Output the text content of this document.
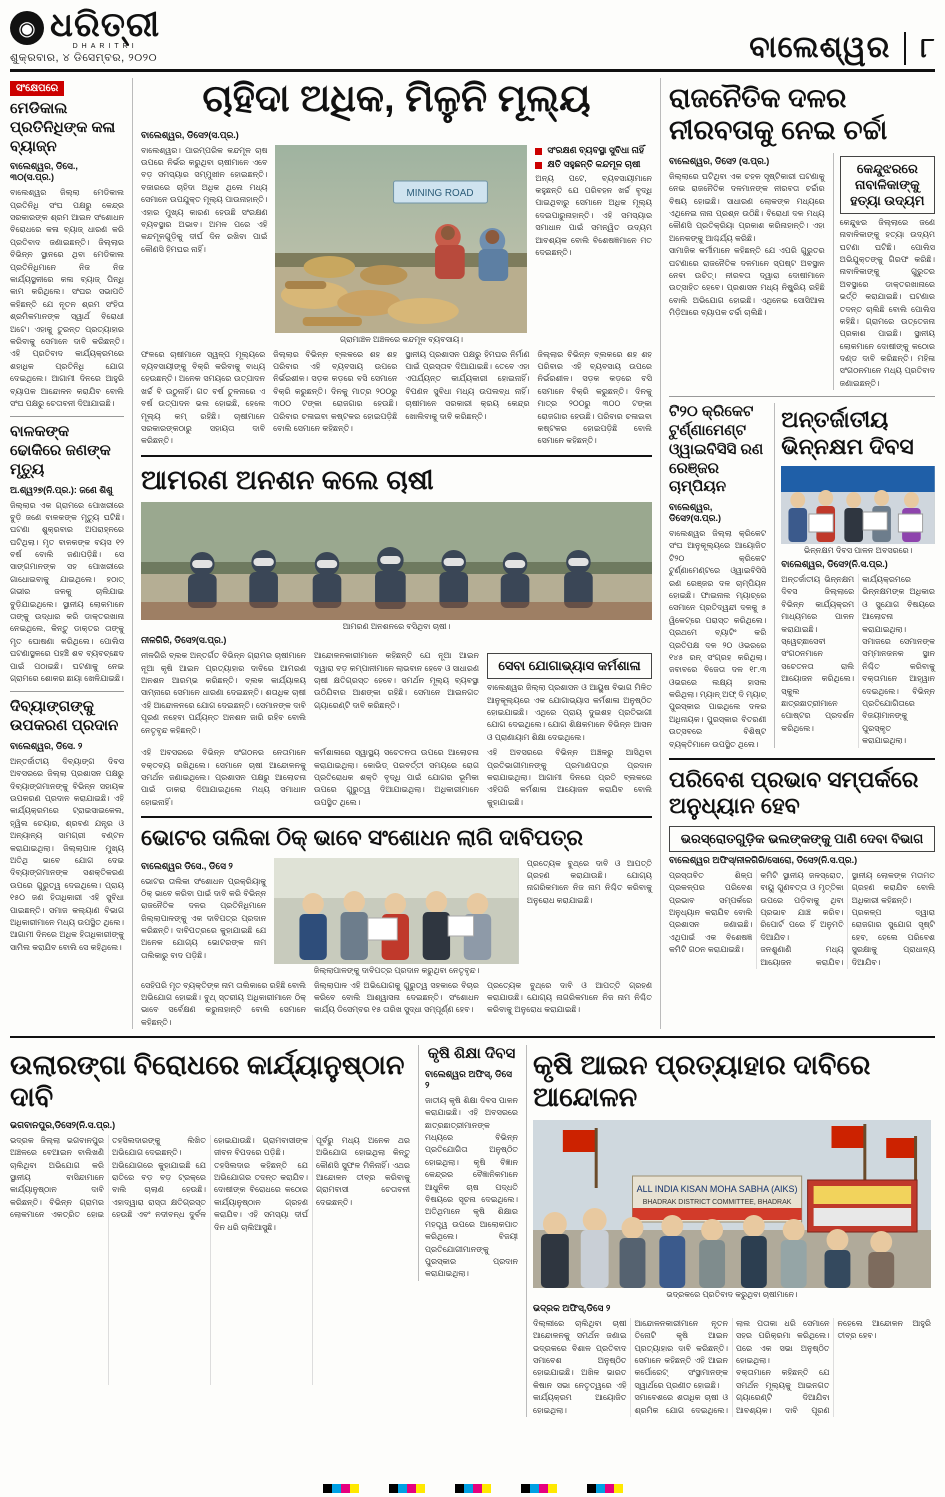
◉ ଧରିତ୍ରୀ
DHARITRI
ଶୁକ୍ରବାର, ୪ ଡିସେମ୍ବର, ୨୦୨୦	ବାଲେଶ୍ୱର	୮
ସଂକ୍ଷେପରେ
ମେଡିକାଲ ପ୍ରତିନିଧିଙ୍କ କଳା ବ୍ୟାଜ୍‌ନ
ବାଲେଶ୍ୱର, ଡିସେ., ୩୦(ସ.ପ୍ର.)
ବାଲେଶ୍ୱର ଜିଲ୍ଲା ମେଡିକାଲ ପ୍ରତିନିଧି ସଂଘ ପକ୍ଷରୁ କେନ୍ଦ୍ର ସରକାରଙ୍କ ଶ୍ରମ ଆଇନ ସଂଶୋଧନ ବିରୋଧରେ କଳା ବ୍ୟାଜ୍ ଧାରଣ କରି ପ୍ରତିବାଦ ଜଣାଇଛନ୍ତି। ଜିଲ୍ଲାର ବିଭିନ୍ନ ସ୍ଥାନରେ ଥିବା ମେଡିକାଲ ପ୍ରତିନିଧିମାନେ ନିଜ ନିଜ କାର୍ଯ୍ୟସ୍ଥଳୀରେ କଳା ବ୍ୟାଜ୍ ପିନ୍ଧି କାମ କରିଥିଲେ। ସଂଘର ସଭାପତି କହିଛନ୍ତି ଯେ ନୂତନ ଶ୍ରମ ସଂହିତା ଶ୍ରମିକମାନଙ୍କ ସ୍ୱାର୍ଥ ବିରୋଧୀ ଅଟେ। ଏହାକୁ ତୁରନ୍ତ ପ୍ରତ୍ୟାହାର କରିବାକୁ ସେମାନେ ଦାବି କରିଛନ୍ତି। ଏହି ପ୍ରତିବାଦ କାର୍ଯ୍ୟକ୍ରମରେ ଶହାଧିକ ପ୍ରତିନିଧି ଯୋଗ ଦେଇଥିଲେ। ଆଗାମୀ ଦିନରେ ଆହୁରି ବ୍ୟାପକ ଆନ୍ଦୋଳନ କରାଯିବ ବୋଲି ସଂଘ ପକ୍ଷରୁ ଚେତାବନୀ ଦିଆଯାଇଛି।
ବାଳକଙ୍କ ଢୋକିରେ ଜଣଙ୍କ ମୃତ୍ୟୁ
ଅ.ଶ୍ୱ୨୭(ନି.ପ୍ର.): ଜଣେ ଶିଶୁ
ଜିଲ୍ଲାର ଏକ ଗ୍ରାମରେ ପୋଖରୀରେ ବୁଡ଼ି ଜଣେ ବାଳକଙ୍କ ମୃତ୍ୟୁ ଘଟିଛି। ଘଟଣା ଶୁକ୍ରବାର ଅପରାହ୍ନରେ ଘଟିଥିଲା। ମୃତ ବାଳକଙ୍କ ବୟସ ୧୨ ବର୍ଷ ବୋଲି ଜଣାପଡ଼ିଛି। ସେ ସାଙ୍ଗମାନଙ୍କ ସହ ପୋଖରୀରେ ଗାଧୋଇବାକୁ ଯାଇଥିଲେ। ହଠାତ୍ ଗଭୀର ଜଳକୁ ଚାଲିଯାଇ ବୁଡ଼ିଯାଇଥିଲେ। ସ୍ଥାନୀୟ ଲୋକମାନେ ତାଙ୍କୁ ଉଦ୍ଧାର କରି ଡାକ୍ତରଖାନା ନେଇଥିଲେ, କିନ୍ତୁ ଡାକ୍ତର ତାଙ୍କୁ ମୃତ ଘୋଷଣା କରିଥିଲେ। ପୋଲିସ ଘଟଣାସ୍ଥଳରେ ପହଞ୍ଚି ଶବ ବ୍ୟବଚ୍ଛେଦ ପାଇଁ ପଠାଇଛି। ଘଟଣାକୁ ନେଇ ଗ୍ରାମରେ ଶୋକର ଛାୟା ଖେଳିଯାଇଛି।
ଦିବ୍ୟାଙ୍ଗଙ୍କୁ ଉପକରଣ ପ୍ରଦାନ
ବାଲେଶ୍ୱର, ଡିସେ. ୨
ଅନ୍ତର୍ଜାତୀୟ ଦିବ୍ୟାଙ୍ଗ ଦିବସ ଅବସରରେ ଜିଲ୍ଲା ପ୍ରଶାସନ ପକ୍ଷରୁ ଦିବ୍ୟାଙ୍ଗମାନଙ୍କୁ ବିଭିନ୍ନ ସହାୟକ ଉପକରଣ ପ୍ରଦାନ କରାଯାଇଛି। ଏହି କାର୍ଯ୍ୟକ୍ରମରେ ଟ୍ରାଇସାଇକେଲ, ହ୍ୱିଲ ଚେୟାର, ଶ୍ରବଣ ଯନ୍ତ୍ର ଓ ଅନ୍ୟାନ୍ୟ ସାମଗ୍ରୀ ବଣ୍ଟନ କରାଯାଇଥିଲା। ଜିଲ୍ଲାପାଳ ମୁଖ୍ୟ ଅତିଥି ଭାବେ ଯୋଗ ଦେଇ ଦିବ୍ୟାଙ୍ଗମାନଙ୍କ ସଶକ୍ତିକରଣ ଉପରେ ଗୁରୁତ୍ୱ ଦେଇଥିଲେ। ପ୍ରାୟ ୧୫୦ ଜଣ ହିତାଧିକାରୀ ଏହି ସୁବିଧା ପାଇଛନ୍ତି। ସମାଜ କଲ୍ୟାଣ ବିଭାଗ ଅଧିକାରୀମାନେ ମଧ୍ୟ ଉପସ୍ଥିତ ଥିଲେ। ଆଗାମୀ ଦିନରେ ଅଧିକ ହିତାଧିକାରୀଙ୍କୁ ସାମିଲ କରାଯିବ ବୋଲି ସେ କହିଥିଲେ।
ଚାହିଦା ଅଧିକ, ମିଳୁନି ମୂଲ୍ୟ
ବାଲେଶ୍ୱର, ଡିସେ୨(ସ.ପ୍ର.)
ବାଲେଶ୍ୱର। ପାରମ୍ପରିକ କନ୍ଦମୂଳ ଚାଷ ଉପରେ ନିର୍ଭର କରୁଥିବା ଚାଷୀମାନେ ଏବେ ବଡ଼ ସମସ୍ୟାର ସମ୍ମୁଖୀନ ହୋଇଛନ୍ତି। ବଜାରରେ ଚାହିଦା ଅଧିକ ଥିଲେ ମଧ୍ୟ ସେମାନେ ଉପଯୁକ୍ତ ମୂଲ୍ୟ ପାଉନାହାନ୍ତି। ଏହାର ମୁଖ୍ୟ କାରଣ ହେଉଛି ସଂରକ୍ଷଣ ବ୍ୟବସ୍ଥାର ଅଭାବ। ଅମଳ ପରେ ଏହି କନ୍ଦମୂଳଗୁଡ଼ିକୁ ଦୀର୍ଘ ଦିନ ରଖିବା ପାଇଁ କୌଣସି ହିମଘର ନାହିଁ।
MINING ROAD
ଗ୍ରାମାଞ୍ଚଳ ଅଞ୍ଚଳରେ କନ୍ଦମୂଳ ବ୍ୟବସାୟ।
ସଂରକ୍ଷଣ ବ୍ୟବସ୍ଥା ସୁବିଧା ନାହିଁ
କ୍ଷତି ସହୁଛନ୍ତି କନ୍ଦମୂଳ ଚାଷୀ
ଅନ୍ୟ ପଟେ, ବ୍ୟବସାୟୀମାନେ କହୁଛନ୍ତି ଯେ ପରିବହନ ଖର୍ଚ୍ଚ ବୃଦ୍ଧି ପାଇଥିବାରୁ ସେମାନେ ଅଧିକ ମୂଲ୍ୟ ଦେଇପାରୁନାହାନ୍ତି। ଏହି ସମସ୍ୟାର ସମାଧାନ ପାଇଁ ସମନ୍ୱିତ ଉଦ୍ୟମ ଆବଶ୍ୟକ ବୋଲି ବିଶେଷଜ୍ଞମାନେ ମତ ଦେଇଛନ୍ତି।
ଫଳରେ ଚାଷୀମାନେ ସ୍ୱଳ୍ପ ମୂଲ୍ୟରେ ବ୍ୟବସାୟୀଙ୍କୁ ବିକ୍ରି କରିବାକୁ ବାଧ୍ୟ ହେଉଛନ୍ତି। ଅନେକ ସମୟରେ ଉତ୍ପାଦନ ଖର୍ଚ୍ଚ ବି ଉଠୁନାହିଁ। ଗତ ବର୍ଷ ତୁଳନାରେ ଏ ବର୍ଷ ଉତ୍ପାଦନ ଭଲ ହୋଇଛି, ହେଲେ ମୂଲ୍ୟ କମ୍ ରହିଛି। ଚାଷୀମାନେ ସରକାରଙ୍କଠାରୁ ସହାୟତା ଦାବି କରିଛନ୍ତି।
ଜିଲ୍ଲାର ବିଭିନ୍ନ ବ୍ଲକରେ ଶହ ଶହ ପରିବାର ଏହି ବ୍ୟବସାୟ ଉପରେ ନିର୍ଭରଶୀଳ। ସଡ଼କ କଡ଼ରେ ବସି ସେମାନେ ବିକ୍ରି କରୁଛନ୍ତି। ଦିନକୁ ମାତ୍ର ୨୦୦ରୁ ୩୦୦ ଟଙ୍କା ରୋଜଗାର ହେଉଛି। ପରିବାର ଚଳାଇବା କଷ୍ଟକର ହୋଇପଡ଼ିଛି ବୋଲି ସେମାନେ କହିଛନ୍ତି।
ସ୍ଥାନୀୟ ପ୍ରଶାସନ ପକ୍ଷରୁ ହିମଘର ନିର୍ମାଣ ପାଇଁ ପ୍ରସ୍ତାବ ଦିଆଯାଇଛି। ତେବେ ଏହା ଏପର୍ଯ୍ୟନ୍ତ କାର୍ଯ୍ୟକାରୀ ହୋଇନାହିଁ। ବିପଣନ ସୁବିଧା ମଧ୍ୟ ଉପଲବ୍ଧ ନାହିଁ। ଚାଷୀମାନେ ସରକାରୀ କ୍ରୟ କେନ୍ଦ୍ର ଖୋଲିବାକୁ ଦାବି କରିଛନ୍ତି।
ଜିଲ୍ଲାର ବିଭିନ୍ନ ବ୍ଲକରେ ଶହ ଶହ ପରିବାର ଏହି ବ୍ୟବସାୟ ଉପରେ ନିର୍ଭରଶୀଳ। ସଡ଼କ କଡ଼ରେ ବସି ସେମାନେ ବିକ୍ରି କରୁଛନ୍ତି। ଦିନକୁ ମାତ୍ର ୨୦୦ରୁ ୩୦୦ ଟଙ୍କା ରୋଜଗାର ହେଉଛି। ପରିବାର ଚଳାଇବା କଷ୍ଟକର ହୋଇପଡ଼ିଛି ବୋଲି ସେମାନେ କହିଛନ୍ତି।
ଆମରଣ ଅନଶନ କଲେ ଚାଷୀ
ଆମରଣ ଅନଶନରେ ବସିଥିବା ଚାଷୀ।
ନୀଳଗିରି, ଡିସେ୨(ସ.ପ୍ର.)
ନୀଳଗିରି ବ୍ଲକ ଅନ୍ତର୍ଗତ ବିଭିନ୍ନ ଗ୍ରାମର ଚାଷୀମାନେ ନୂଆ କୃଷି ଆଇନ ପ୍ରତ୍ୟାହାର ଦାବିରେ ଆମରଣ ଅନଶନ ଆରମ୍ଭ କରିଛନ୍ତି। ବ୍ଲକ କାର୍ଯ୍ୟାଳୟ ସାମ୍ନାରେ ସେମାନେ ଧାରଣା ଦେଇଛନ୍ତି। ଶତାଧିକ ଚାଷୀ ଏହି ଆନ୍ଦୋଳନରେ ଯୋଗ ଦେଇଛନ୍ତି। ସେମାନଙ୍କ ଦାବି ପୂରଣ ନହେବା ପର୍ଯ୍ୟନ୍ତ ଅନଶନ ଜାରି ରହିବ ବୋଲି ନେତୃବୃନ୍ଦ କହିଛନ୍ତି।
ଆନ୍ଦୋଳନକାରୀମାନେ କହିଛନ୍ତି ଯେ ନୂଆ ଆଇନ ଦ୍ୱାରା ବଡ଼ କମ୍ପାନୀମାନେ ଲାଭବାନ ହେବେ ଓ ସାଧାରଣ ଚାଷୀ କ୍ଷତିଗ୍ରସ୍ତ ହେବେ। ସମର୍ଥନ ମୂଲ୍ୟ ବ୍ୟବସ୍ଥା ଉଠିଯିବାର ଆଶଙ୍କା ରହିଛି। ସେମାନେ ଆଇନଗତ ଗ୍ୟାରେଣ୍ଟି ଦାବି କରିଛନ୍ତି।
ସେବା ଯୋଗାଭ୍ୟାସ କର୍ମଶାଳା
ବାଲେଶ୍ୱର ଜିଲ୍ଲା ପ୍ରଶାସନ ଓ ଆୟୁଷ ବିଭାଗ ମିଳିତ ଆନୁକୂଲ୍ୟରେ ଏକ ଯୋଗାଭ୍ୟାସ କର୍ମଶାଳା ଅନୁଷ୍ଠିତ ହୋଇଯାଇଛି। ଏଥିରେ ପ୍ରାୟ ଦୁଇଶହ ପ୍ରତିଭାଗୀ ଯୋଗ ଦେଇଥିଲେ। ଯୋଗ ଶିକ୍ଷକମାନେ ବିଭିନ୍ନ ଆସନ ଓ ପ୍ରାଣାୟାମ ଶିକ୍ଷା ଦେଇଥିଲେ।
ଏହି ଅବସରରେ ବିଭିନ୍ନ ସଂଗଠନର ନେତାମାନେ ବକ୍ତବ୍ୟ ରଖିଥିଲେ। ସେମାନେ ଚାଷୀ ଆନ୍ଦୋଳନକୁ ସମର୍ଥନ ଜଣାଇଥିଲେ। ପ୍ରଶାସନ ପକ୍ଷରୁ ଆଲୋଚନା ପାଇଁ ଡାକରା ଦିଆଯାଇଥିଲେ ମଧ୍ୟ ସମାଧାନ ହୋଇନାହିଁ।
କର୍ମଶାଳାରେ ସ୍ୱାସ୍ଥ୍ୟ ସଚେତନତା ଉପରେ ଆଲୋଚନା କରାଯାଇଥିଲା। କୋଭିଡ୍ ପରବର୍ତ୍ତୀ ସମୟରେ ରୋଗ ପ୍ରତିରୋଧକ ଶକ୍ତି ବୃଦ୍ଧି ପାଇଁ ଯୋଗର ଭୂମିକା ଉପରେ ଗୁରୁତ୍ୱ ଦିଆଯାଇଥିଲା। ଅଧିକାରୀମାନେ ଉପସ୍ଥିତ ଥିଲେ।
ଏହି ଅବସରରେ ବିଭିନ୍ନ ଅଞ୍ଚଳରୁ ଆସିଥିବା ପ୍ରତିଭାଗୀମାନଙ୍କୁ ପ୍ରମାଣପତ୍ର ପ୍ରଦାନ କରାଯାଇଥିଲା। ଆଗାମୀ ଦିନରେ ପ୍ରତି ବ୍ଲକରେ ଏହିପରି କର୍ମଶାଳା ଆୟୋଜନ କରାଯିବ ବୋଲି କୁହାଯାଇଛି।
ଭୋଟର ତାଲିକା ଠିକ୍ ଭାବେ ସଂଶୋଧନ ଲାଗି ଦାବିପତ୍ର
ବାଲେଶ୍ୱର ଡିସେ., ଡିସେ ୨
ଭୋଟର ତାଲିକା ସଂଶୋଧନ ପ୍ରକ୍ରିୟାକୁ ଠିକ୍ ଭାବେ କରିବା ପାଇଁ ଦାବି କରି ବିଭିନ୍ନ ରାଜନୈତିକ ଦଳର ପ୍ରତିନିଧିମାନେ ଜିଲ୍ଲାପାଳଙ୍କୁ ଏକ ଦାବିପତ୍ର ପ୍ରଦାନ କରିଛନ୍ତି। ଦାବିପତ୍ରରେ କୁହାଯାଇଛି ଯେ ଅନେକ ଯୋଗ୍ୟ ଭୋଟରଙ୍କ ନାମ ତାଲିକାରୁ ବାଦ ପଡ଼ିଛି।
ଜିଲ୍ଲାପାଳଙ୍କୁ ଦାବିପତ୍ର ପ୍ରଦାନ କରୁଥିବା ନେତୃବୃନ୍ଦ।
ପ୍ରତ୍ୟେକ ବୁଥ୍‌ରେ ଦାବି ଓ ଆପତ୍ତି ଗ୍ରହଣ କରାଯାଉଛି। ଯୋଗ୍ୟ ନାଗରିକମାନେ ନିଜ ନାମ ନିଶ୍ଚିତ କରିବାକୁ ଅନୁରୋଧ କରାଯାଇଛି।
ସେହିପରି ମୃତ ବ୍ୟକ୍ତିଙ୍କ ନାମ ତାଲିକାରେ ରହିଛି ବୋଲି ଅଭିଯୋଗ ହୋଇଛି। ବୁଥ୍ ସ୍ତରୀୟ ଅଧିକାରୀମାନେ ଠିକ୍ ଭାବେ ସର୍ବେକ୍ଷଣ କରୁନାହାନ୍ତି ବୋଲି ସେମାନେ କହିଛନ୍ତି।
ଜିଲ୍ଲାପାଳ ଏହି ଅଭିଯୋଗକୁ ଗୁରୁତ୍ୱ ସହକାରେ ବିଚାର କରିବେ ବୋଲି ଆଶ୍ୱାସନା ଦେଇଛନ୍ତି। ସଂଶୋଧନ କାର୍ଯ୍ୟ ଡିସେମ୍ବର ୧୫ ତାରିଖ ସୁଦ୍ଧା ସମ୍ପୂର୍ଣ୍ଣ ହେବ।
ପ୍ରତ୍ୟେକ ବୁଥ୍‌ରେ ଦାବି ଓ ଆପତ୍ତି ଗ୍ରହଣ କରାଯାଉଛି। ଯୋଗ୍ୟ ନାଗରିକମାନେ ନିଜ ନାମ ନିଶ୍ଚିତ କରିବାକୁ ଅନୁରୋଧ କରାଯାଇଛି।
ରାଜନୈତିକ ଦଳର ନୀରବତାକୁ ନେଇ ଚର୍ଚ୍ଚା
ବାଲେଶ୍ୱର, ଡିସେ୨ (ସ.ପ୍ର.)
ଜିଲ୍ଲାରେ ଘଟିଥିବା ଏକ ଚହଳ ସୃଷ୍ଟିକାରୀ ଘଟଣାକୁ ନେଇ ରାଜନୈତିକ ଦଳମାନଙ୍କ ନୀରବତା ଚର୍ଚ୍ଚାର ବିଷୟ ହୋଇଛି। ସାଧାରଣ ଲୋକଙ୍କ ମଧ୍ୟରେ ଏଥିନେଇ ନାନା ପ୍ରଶ୍ନ ଉଠିଛି। ବିରୋଧୀ ଦଳ ମଧ୍ୟ କୌଣସି ପ୍ରତିକ୍ରିୟା ପ୍ରକାଶ କରିନାହାନ୍ତି। ଏହା ଅନେକଙ୍କୁ ଆଶ୍ଚର୍ଯ୍ୟ କରିଛି।
ସାମାଜିକ କର୍ମୀମାନେ କହିଛନ୍ତି ଯେ ଏପରି ଗୁରୁତର ଘଟଣାରେ ରାଜନୈତିକ ଦଳମାନେ ସ୍ପଷ୍ଟ ଅବସ୍ଥାନ ନେବା ଉଚିତ୍। ନୀରବତା ଦ୍ୱାରା ଦୋଷୀମାନେ ଉତ୍ସାହିତ ହେବେ। ପ୍ରଶାସନ ମଧ୍ୟ ନିଷ୍କ୍ରିୟ ରହିଛି ବୋଲି ଅଭିଯୋଗ ହୋଇଛି। ଏଥିନେଇ ସୋସିଆଲ ମିଡ଼ିଆରେ ବ୍ୟାପକ ଚର୍ଚ୍ଚା ଚାଲିଛି।
କେନ୍ଦୁଝରରେ ନାବାଳିକାଙ୍କୁ ହତ୍ୟା ଉଦ୍ୟମ
କେନ୍ଦୁଝର ଜିଲ୍ଲାରେ ଜଣେ ନାବାଳିକାଙ୍କୁ ହତ୍ୟା ଉଦ୍ୟମ ଘଟଣା ଘଟିଛି। ପୋଲିସ ଅଭିଯୁକ୍ତଙ୍କୁ ଗିରଫ କରିଛି। ନାବାଳିକାଙ୍କୁ ଗୁରୁତର ଅବସ୍ଥାରେ ଡାକ୍ତରଖାନାରେ ଭର୍ତ୍ତି କରାଯାଇଛି। ଘଟଣାର ତଦନ୍ତ ଚାଲିଛି ବୋଲି ପୋଲିସ କହିଛି। ଗ୍ରାମରେ ଉତ୍ତେଜନା ପ୍ରକାଶ ପାଇଛି। ସ୍ଥାନୀୟ ଲୋକମାନେ ଦୋଷୀଙ୍କୁ କଠୋର ଦଣ୍ଡ ଦାବି କରିଛନ୍ତି। ମହିଳା ସଂଗଠନମାନେ ମଧ୍ୟ ପ୍ରତିବାଦ ଜଣାଇଛନ୍ତି।
ଟି୨୦ କ୍ରିକେଟ ଟୁର୍ଣ୍ଣାମେଣ୍ଟ ଓ୍ୱାଇବିସିସି ରଣ ରେଞ୍ଜର ଚାମ୍ପିୟନ
ବାଲେଶ୍ୱର, ଡିସେ୨(ସ.ପ୍ର.)
ବାଲେଶ୍ୱର ଜିଲ୍ଲା କ୍ରିକେଟ ସଂଘ ଆନୁକୂଲ୍ୟରେ ଆୟୋଜିତ ଟି୨୦ କ୍ରିକେଟ ଟୁର୍ଣ୍ଣାମେଣ୍ଟରେ ଓ୍ୱାଇବିସିସି ରଣ ରେଞ୍ଜର ଦଳ ଚାମ୍ପିୟନ ହୋଇଛି। ଫାଇନାଲ ମ୍ୟାଚ୍‌ରେ ସେମାନେ ପ୍ରତିଦ୍ୱନ୍ଦୀ ଦଳକୁ ୫ ୱିକେଟ୍‌ରେ ପରାସ୍ତ କରିଥିଲେ। ପ୍ରଥମେ ବ୍ୟାଟିଂ କରି ପ୍ରତିପକ୍ଷ ଦଳ ୨୦ ଓଭରରେ ୧୪୫ ରନ୍ ସଂଗ୍ରହ କରିଥିଲା। ଜବାବରେ ବିଜେତା ଦଳ ୧୮.୩ ଓଭରରେ ଲକ୍ଷ୍ୟ ହାସଲ କରିଥିଲା। ମ୍ୟାନ୍ ଅଫ୍ ଦି ମ୍ୟାଚ୍ ପୁରସ୍କାର ପାଇଥିଲେ ଦଳର ଅଧିନାୟକ। ପୁରସ୍କାର ବିତରଣୀ ଉତ୍ସବରେ ବିଶିଷ୍ଟ ବ୍ୟକ୍ତିମାନେ ଉପସ୍ଥିତ ଥିଲେ।
ଅନ୍ତର୍ଜାତୀୟ ଭିନ୍ନକ୍ଷମ ଦିବସ
ଭିନ୍ନକ୍ଷମ ଦିବସ ପାଳନ ଅବସରରେ।
ବାଲେଶ୍ୱର, ଡିସେ୨(ନି.ସ.ପ୍ର.)
ଅନ୍ତର୍ଜାତୀୟ ଭିନ୍ନକ୍ଷମ ଦିବସ ଜିଲ୍ଲାରେ ବିଭିନ୍ନ କାର୍ଯ୍ୟକ୍ରମ ମାଧ୍ୟମରେ ପାଳନ କରାଯାଇଛି। ସ୍ୱେଚ୍ଛାସେବୀ ସଂଗଠନମାନେ ସଚେତନତା ରାଲି ଆୟୋଜନ କରିଥିଲେ। ସ୍କୁଲ ଛାତ୍ରଛାତ୍ରୀମାନେ ପୋଷ୍ଟର ପ୍ରଦର୍ଶନ କରିଥିଲେ।
କାର୍ଯ୍ୟକ୍ରମରେ ଭିନ୍ନକ୍ଷମଙ୍କ ଅଧିକାର ଓ ସୁଯୋଗ ବିଷୟରେ ଆଲୋଚନା କରାଯାଇଥିଲା। ସମାଜରେ ସେମାନଙ୍କ ସମ୍ମାନଜନକ ସ୍ଥାନ ନିଶ୍ଚିତ କରିବାକୁ ବକ୍ତାମାନେ ଆହ୍ୱାନ ଦେଇଥିଲେ। ବିଭିନ୍ନ ପ୍ରତିଯୋଗିତାରେ ବିଜୟୀମାନଙ୍କୁ ପୁରସ୍କୃତ କରାଯାଇଥିଲା।
ପରିବେଶ ପ୍ରଭାବ ସମ୍ପର୍କରେ ଅନୁଧ୍ୟାନ ହେବ
ଭରସ୍ରୋତଗୁଡ଼ିକ ଭଲଙ୍କଙ୍କୁ ପାଣି ଦେବା ବିଭାଗ
ବାଲେଶ୍ୱର ଅଫିସ୍/ନୀଳଗିରି/ସୋରୋ, ଡିସେ୨(ନି.ସ.ପ୍ର.)
ପ୍ରସ୍ତାବିତ ଶିଳ୍ପ ପ୍ରକଳ୍ପର ପରିବେଶ ପ୍ରଭାବ ସମ୍ପର୍କରେ ଅନୁଧ୍ୟାନ କରାଯିବ ବୋଲି ପ୍ରଶାସନ ଜଣାଇଛି। ଏଥିପାଇଁ ଏକ ବିଶେଷଜ୍ଞ କମିଟି ଗଠନ କରାଯାଇଛି।
କମିଟି ସ୍ଥାନୀୟ ଜଳସ୍ରୋତ, ବାୟୁ ଗୁଣବତ୍ତା ଓ ମୃତ୍ତିକା ଉପରେ ପଡ଼ିବାକୁ ଥିବା ପ୍ରଭାବ ଯାଞ୍ଚ କରିବ। ରିପୋର୍ଟ ପରେ ହିଁ ଅନୁମତି ଦିଆଯିବ।
ଜନଶୁଣାଣି ମଧ୍ୟ ଆୟୋଜନ କରାଯିବ। ସ୍ଥାନୀୟ ଲୋକଙ୍କ ମତାମତ ଗ୍ରହଣ କରାଯିବ ବୋଲି ଅଧିକାରୀ କହିଛନ୍ତି।
ପ୍ରକଳ୍ପ ଦ୍ୱାରା ରୋଜଗାର ସୁଯୋଗ ସୃଷ୍ଟି ହେବ, ହେଲେ ପରିବେଶ ସୁରକ୍ଷାକୁ ପ୍ରାଧାନ୍ୟ ଦିଆଯିବ।
ଉଲାରଙ୍ଗା ବିରୋଧରେ କାର୍ଯ୍ୟାନୁଷ୍ଠାନ ଦାବି
ଭଗବାନପୁର,ଡିସେ୨(ନି.ସ.ପ୍ର.)
ଭଦ୍ରକ ଜିଲ୍ଲା ଭଗବାନପୁର ଅଞ୍ଚଳରେ ବେଆଇନ ବାଲିଖଣି ଚାଲିଥିବା ଅଭିଯୋଗ କରି ସ୍ଥାନୀୟ ବାସିନ୍ଦାମାନେ କାର୍ଯ୍ୟାନୁଷ୍ଠାନ ଦାବି କରିଛନ୍ତି। ବିଭିନ୍ନ ଗ୍ରାମର ଲୋକମାନେ ଏକତ୍ରିତ ହୋଇ ତହସିଲଦାରଙ୍କୁ ଲିଖିତ ଅଭିଯୋଗ ଦେଇଛନ୍ତି।
ଅଭିଯୋଗରେ କୁହାଯାଇଛି ଯେ ରାତିରେ ବଡ଼ ବଡ଼ ଟ୍ରକ୍‌ରେ ବାଲି ଚାଲାଣ ହେଉଛି। ଏହାଦ୍ୱାରା ରାସ୍ତା କ୍ଷତିଗ୍ରସ୍ତ ହେଉଛି ଏବଂ ନଦୀବନ୍ଧ ଦୁର୍ବଳ ହୋଇଯାଉଛି। ଗ୍ରାମବାସୀଙ୍କ ଜୀବନ ବିପଦରେ ପଡ଼ିଛି।
ତହସିଲଦାର କହିଛନ୍ତି ଯେ ଅଭିଯୋଗର ତଦନ୍ତ କରାଯିବ। ଦୋଷୀଙ୍କ ବିରୋଧରେ କଠୋର କାର୍ଯ୍ୟାନୁଷ୍ଠାନ ଗ୍ରହଣ କରାଯିବ। ଏହି ସମସ୍ୟା ଦୀର୍ଘ ଦିନ ଧରି ଚାଲିଆସୁଛି।
ପୂର୍ବରୁ ମଧ୍ୟ ଅନେକ ଥର ଅଭିଯୋଗ ହୋଇଥିଲା କିନ୍ତୁ କୌଣସି ସୁଫଳ ମିଳିନାହିଁ। ଏଥର ଆନ୍ଦୋଳନ ତୀବ୍ର କରିବାକୁ ଗ୍ରାମବାସୀ ଚେତାବନୀ ଦେଇଛନ୍ତି।
କୃଷି ଶିକ୍ଷା ଦିବସ
ବାଲେଶ୍ୱର ଅଫିସ୍, ଡିସେ ୨
ଜାତୀୟ କୃଷି ଶିକ୍ଷା ଦିବସ ପାଳନ କରାଯାଇଛି। ଏହି ଅବସରରେ ଛାତ୍ରଛାତ୍ରୀମାନଙ୍କ ମଧ୍ୟରେ ବିଭିନ୍ନ ପ୍ରତିଯୋଗିତା ଅନୁଷ୍ଠିତ ହୋଇଥିଲା। କୃଷି ବିଜ୍ଞାନ କେନ୍ଦ୍ରର ବୈଜ୍ଞାନିକମାନେ ଆଧୁନିକ ଚାଷ ପଦ୍ଧତି ବିଷୟରେ ସୂଚନା ଦେଇଥିଲେ। ଅତିଥିମାନେ କୃଷି ଶିକ୍ଷାର ମହତ୍ତ୍ୱ ଉପରେ ଆଲୋକପାତ କରିଥିଲେ। ବିଜୟୀ ପ୍ରତିଯୋଗୀମାନଙ୍କୁ ପୁରସ୍କାର ପ୍ରଦାନ କରାଯାଇଥିଲା।
କୃଷି ଆଇନ ପ୍ରତ୍ୟାହାର ଦାବିରେ ଆନ୍ଦୋଳନ
ALL INDIA KISAN MOHA SABHA (AIKS)
BHADRAK DISTRICT COMMITTEE, BHADRAK
ଭଦ୍ରକରେ ପ୍ରତିବାଦ କରୁଥିବା ଚାଷୀମାନେ।
ଭଦ୍ରକ ଅଫିସ୍,ଡିସେ ୨
ଦିଲ୍ଲୀରେ ଚାଲିଥିବା ଚାଷୀ ଆନ୍ଦୋଳନକୁ ସମର୍ଥନ ଜଣାଇ ଭଦ୍ରକରେ ବିଶାଳ ପ୍ରତିବାଦ ସମାବେଶ ଅନୁଷ୍ଠିତ ହୋଇଯାଇଛି। ଅଖିଳ ଭାରତ କିଷାନ ସଭା ନେତୃତ୍ୱରେ ଏହି କାର୍ଯ୍ୟକ୍ରମ ଆୟୋଜିତ ହୋଇଥିଲା।
ଆନ୍ଦୋଳନକାରୀମାନେ ନୂତନ ତିନୋଟି କୃଷି ଆଇନ ପ୍ରତ୍ୟାହାର ଦାବି କରିଛନ୍ତି। ସେମାନେ କହିଛନ୍ତି ଏହି ଆଇନ କର୍ପୋରେଟ୍ ସଂସ୍ଥାମାନଙ୍କ ସ୍ୱାର୍ଥରେ ପ୍ରଣୀତ ହୋଇଛି।
ସମାବେଶରେ ଶତାଧିକ ଚାଷୀ ଓ ଶ୍ରମିକ ଯୋଗ ଦେଇଥିଲେ। ଲାଲ ପତାକା ଧରି ସେମାନେ ସହର ପରିକ୍ରମା କରିଥିଲେ। ପରେ ଏକ ସଭା ଅନୁଷ୍ଠିତ ହୋଇଥିଲା।
ବକ୍ତାମାନେ କହିଛନ୍ତି ଯେ ସମର୍ଥନ ମୂଲ୍ୟକୁ ଆଇନଗତ ଗ୍ୟାରେଣ୍ଟି ଦିଆଯିବା ଆବଶ୍ୟକ। ଦାବି ପୂରଣ ନହେଲେ ଆନ୍ଦୋଳନ ଆହୁରି ତୀବ୍ର ହେବ।
